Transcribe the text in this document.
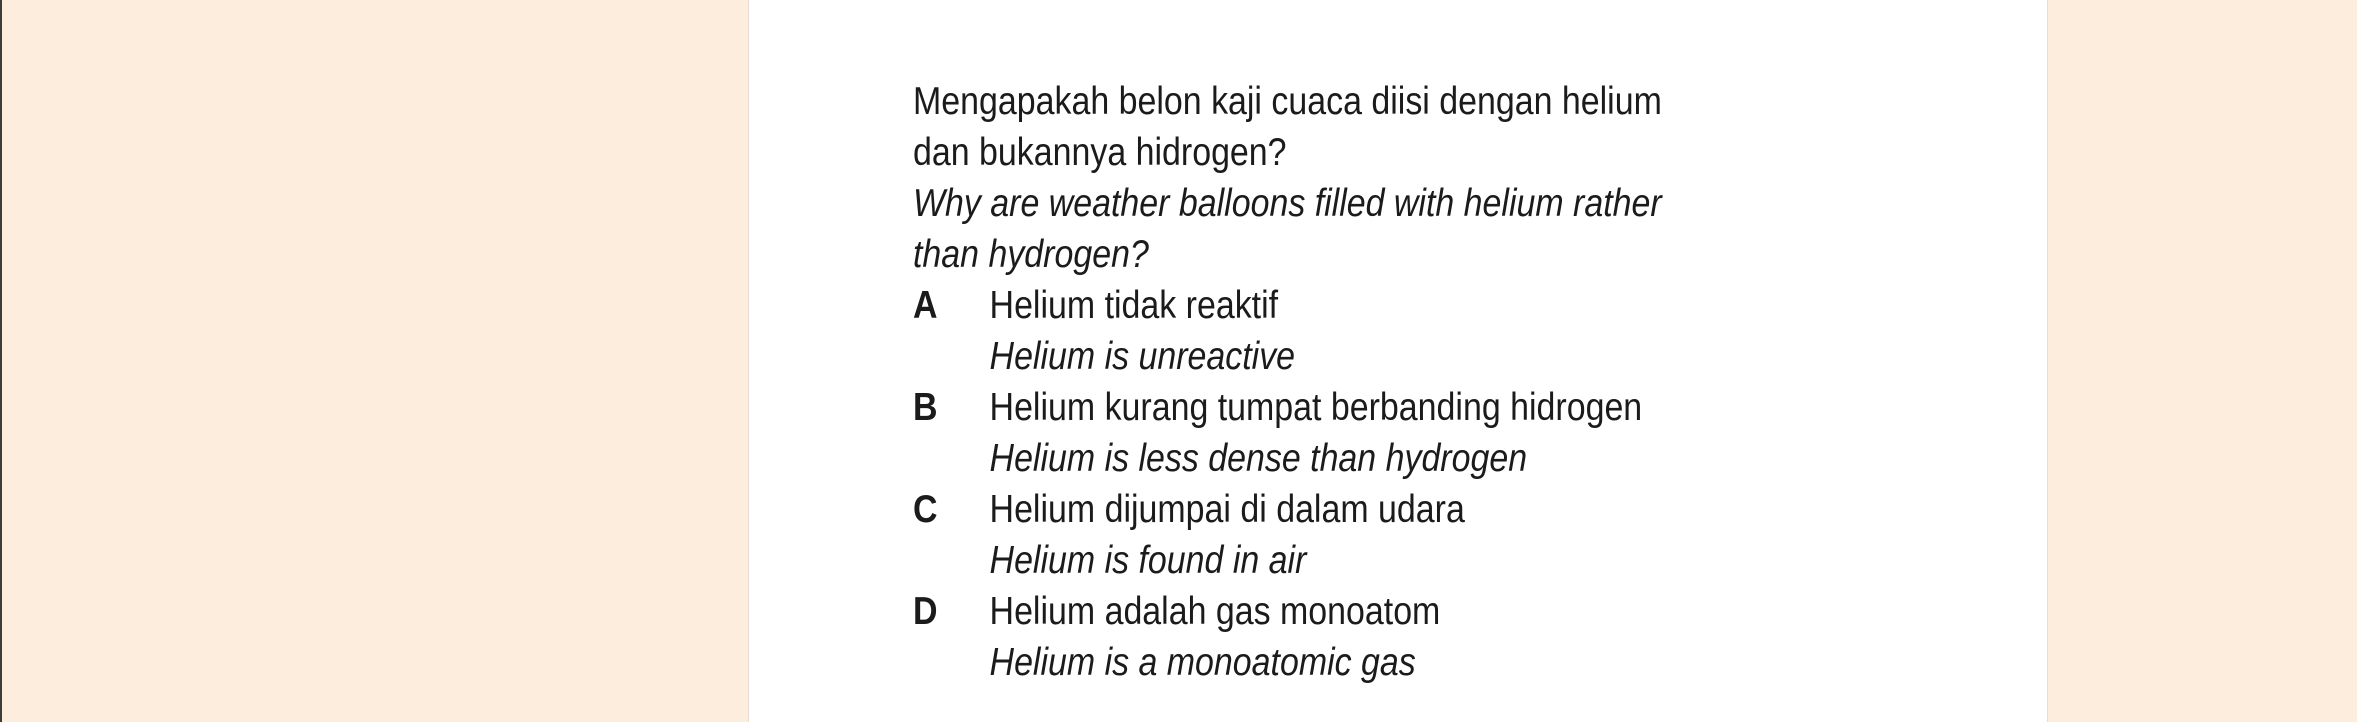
Mengapakah belon kaji cuaca diisi dengan helium
dan bukannya hidrogen?
Why are weather balloons filled with helium rather
than hydrogen?
A	Helium tidak reaktif
Helium is unreactive
B	Helium kurang tumpat berbanding hidrogen
Helium is less dense than hydrogen
C	Helium dijumpai di dalam udara
Helium is found in air
D	Helium adalah gas monoatom
Helium is a monoatomic gas
